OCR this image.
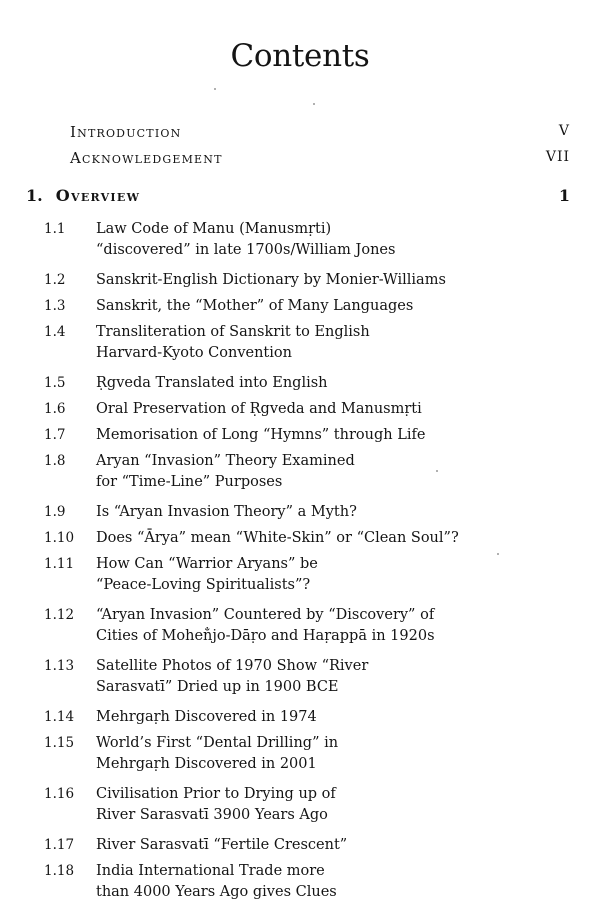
Contents
Introduction	V
Acknowledgement	VII
1. Overview	1
1.1 Law Code of Manu (Manusmṛti)
“discovered” in late 1700s/William Jones
1.2 Sanskrit-English Dictionary by Monier-Williams
1.3 Sanskrit, the “Mother” of Many Languages
1.4 Transliteration of Sanskrit to English
Harvard-Kyoto Convention
1.5 Ṛgveda Translated into English
1.6 Oral Preservation of Ṛgveda and Manusmṛti
1.7 Memorisation of Long “Hymns” through Life
1.8 Aryan “Invasion” Theory Examined
for “Time-Line” Purposes
1.9 Is “Aryan Invasion Theory” a Myth?
1.10 Does “Ārya” mean “White-Skin” or “Clean Soul”?
1.11 How Can “Warrior Aryans” be
“Peace-Loving Spiritualists”?
1.12 “Aryan Invasion” Countered by “Discovery” of
Cities of Mohen̐jo-Dāṛo and Haṛappā in 1920s
1.13 Satellite Photos of 1970 Show “River
Sarasvatī” Dried up in 1900 BCE
1.14 Mehrgaṛh Discovered in 1974
1.15 World’s First “Dental Drilling” in
Mehrgaṛh Discovered in 2001
1.16 Civilisation Prior to Drying up of
River Sarasvatī 3900 Years Ago
1.17 River Sarasvatī “Fertile Crescent”
1.18 India International Trade more
than 4000 Years Ago gives Clues
